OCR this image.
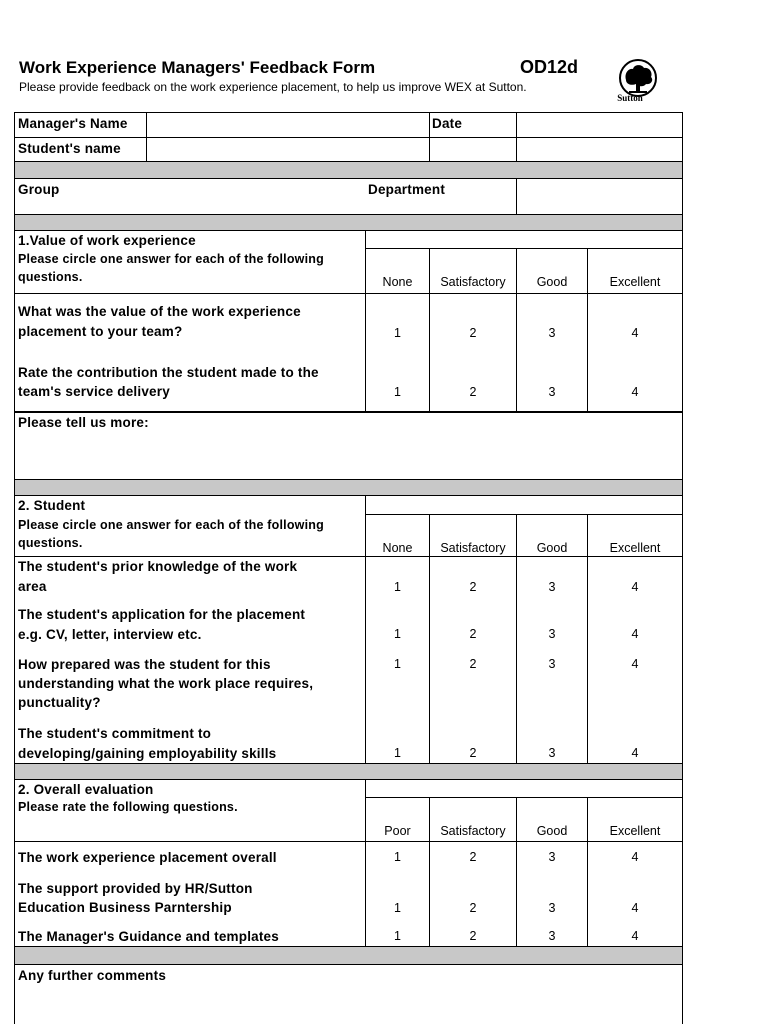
Work Experience Managers' Feedback Form	OD12d
Please provide feedback on the work experience placement, to help us improve WEX at Sutton.
Sutton
Manager's Name	Date
Student's name
Group	Department
1.Value of work experience
Please circle one answer for each of the following
questions.	None	Satisfactory	Good	Excellent
What was the value of the work experience
placement to your team?	1	2	3	4
Rate the contribution the student made to the
team's service delivery	1	2	3	4
Please tell us more:
2. Student
Please circle one answer for each of the following
questions.	None	Satisfactory	Good	Excellent
The student's prior knowledge of the work
area	1	2	3	4
The student's application for the placement
e.g. CV, letter, interview etc.	1	2	3	4
How prepared was the student for this
understanding what the work place requires,
punctuality?
1	2	3	4
The student's commitment to
developing/gaining employability skills	1	2	3	4
2. Overall evaluation
Please rate the following questions.
Poor	Satisfactory	Good	Excellent
The work experience placement overall	1	2	3	4
The support provided by HR/Sutton
Education Business Parntership	1	2	3	4
The Manager's Guidance and templates	1	2	3	4
Any further comments
